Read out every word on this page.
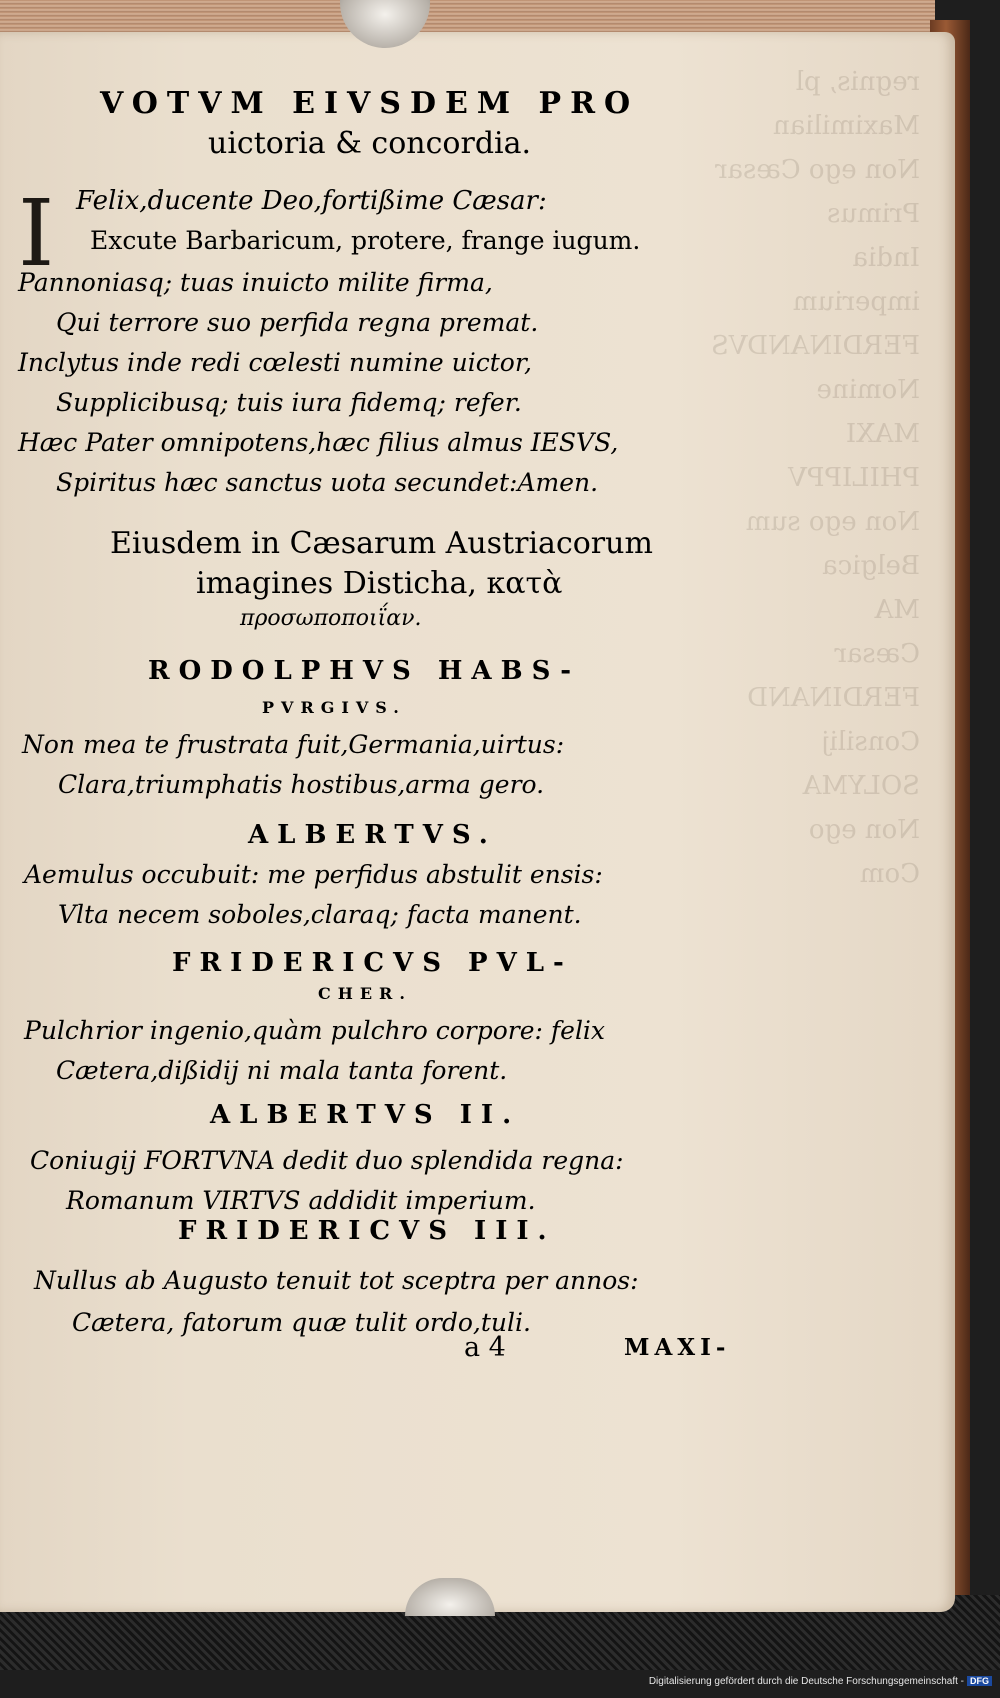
regnis, pl
Maximilian
Non ego Cæsar
Primus
India
imperium
FERDINANDVS
Nomine
MAXI
PHILIPPV
Non ego sum
Belgica
MA
Cæsar
FERDINAND
Consilij
SOLYMA
Non ego
Com
VOTVM EIVSDEM PRO
uictoria & concordia.
I Felix,ducente Deo,fortißime Cæsar:
Excute Barbaricum, protere, frange iugum.
Pannoniasq; tuas inuicto milite firma,
Qui terrore suo perfida regna premat.
Inclytus inde redi cœlesti numine uictor,
Supplicibusq; tuis iura fidemq; refer.
Hæc Pater omnipotens,hæc filius almus IESVS,
Spiritus hæc sanctus uota secundet:Amen.
Eiusdem in Cæsarum Austriacorum
imagines Disticha, κατὰ
προσωποποιΐαν.
RODOLPHVS HABS-
PVRGIVS.
Non mea te frustrata fuit,Germania,uirtus:
Clara,triumphatis hostibus,arma gero.
ALBERTVS.
Aemulus occubuit: me perfidus abstulit ensis:
Vlta necem soboles,claraq; facta manent.
FRIDERICVS PVL-
CHER.
Pulchrior ingenio,quàm pulchro corpore: felix
Cætera,dißidij ni mala tanta forent.
ALBERTVS II.
Coniugij FORTVNA dedit duo splendida regna:
Romanum VIRTVS addidit imperium.
FRIDERICVS III.
Nullus ab Augusto tenuit tot sceptra per annos:
Cætera, fatorum quæ tulit ordo,tuli.
a 4	MAXI-
Digitalisierung gefördert durch die Deutsche Forschungsgemeinschaft - DFG
